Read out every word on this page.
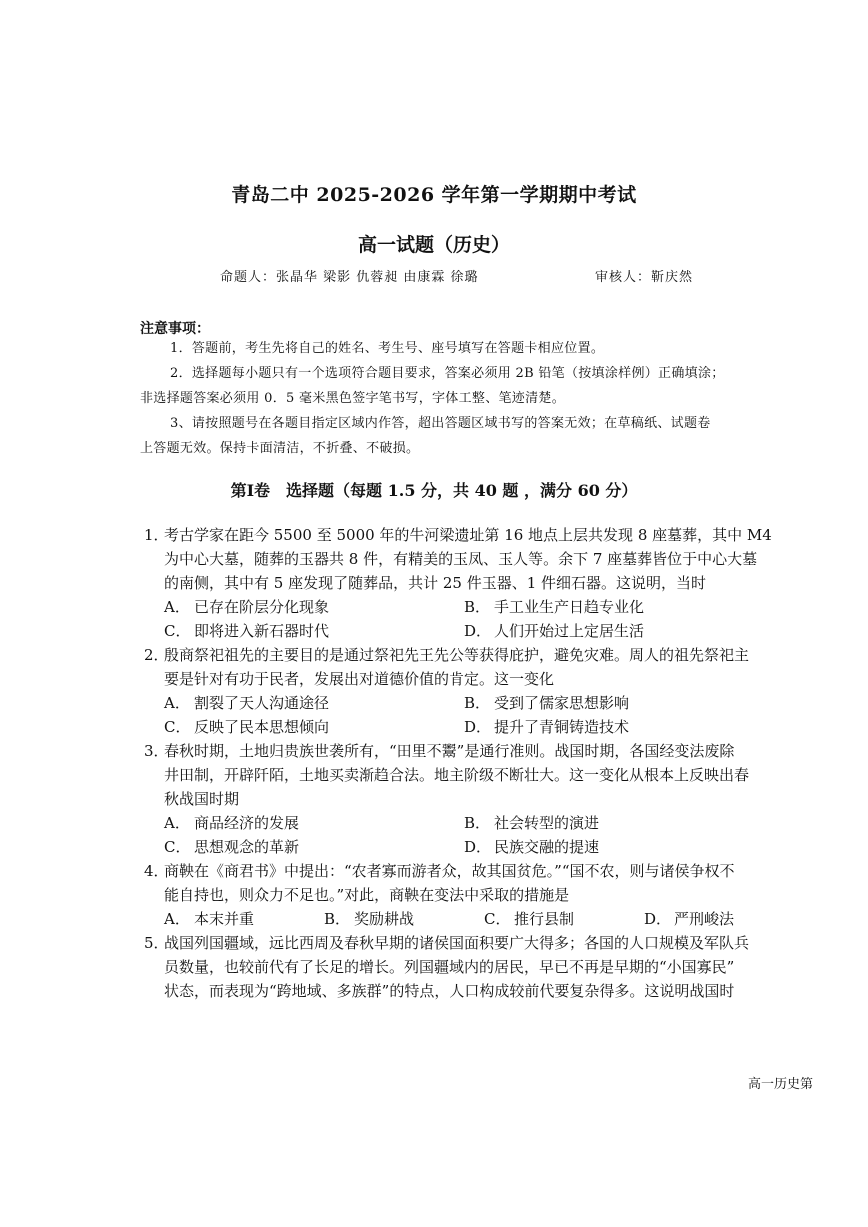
青岛二中 2025-2026 学年第一学期期中考试
高一试题（历史）
命题人：张晶华 梁影 仇蓉昶 由康霖 徐璐	审核人：靳庆然
注意事项：
1．答题前，考生先将自己的姓名、考生号、座号填写在答题卡相应位置。
2．选择题每小题只有一个选项符合题目要求，答案必须用 2B 铅笔（按填涂样例）正确填涂；
非选择题答案必须用 0．5 毫米黑色签字笔书写，字体工整、笔迹清楚。
3、请按照题号在各题目指定区域内作答，超出答题区域书写的答案无效；在草稿纸、试题卷
上答题无效。保持卡面清洁，不折叠、不破损。
第Ⅰ卷　选择题（每题 1.5 分，共 40 题 ，满分 60 分）
1．考古学家在距今 5500 至 5000 年的牛河梁遗址第 16 地点上层共发现 8 座墓葬，其中 M4
为中心大墓，随葬的玉器共 8 件，有精美的玉凤、玉人等。余下 7 座墓葬皆位于中心大墓
的南侧，其中有 5 座发现了随葬品，共计 25 件玉器、1 件细石器。这说明，当时
A． 已存在阶层分化现象	B． 手工业生产日趋专业化
C． 即将进入新石器时代	D． 人们开始过上定居生活
2．殷商祭祀祖先的主要目的是通过祭祀先王先公等获得庇护，避免灾难。周人的祖先祭祀主
要是针对有功于民者，发展出对道德价值的肯定。这一变化
A． 割裂了天人沟通途径	B． 受到了儒家思想影响
C． 反映了民本思想倾向	D． 提升了青铜铸造技术
3．春秋时期，土地归贵族世袭所有，“田里不鬻”是通行准则。战国时期，各国经变法废除
井田制，开辟阡陌，土地买卖渐趋合法。地主阶级不断壮大。这一变化从根本上反映出春
秋战国时期
A． 商品经济的发展	B． 社会转型的演进
C． 思想观念的革新	D． 民族交融的提速
4．商鞅在《商君书》中提出：“农者寡而游者众，故其国贫危。”“国不农，则与诸侯争权不
能自持也，则众力不足也。”对此，商鞅在变法中采取的措施是
A． 本末并重	B． 奖励耕战	C． 推行县制	D． 严刑峻法
5．战国列国疆域，远比西周及春秋早期的诸侯国面积要广大得多；各国的人口规模及军队兵
员数量，也较前代有了长足的增长。列国疆域内的居民，早已不再是早期的“小国寡民”
状态，而表现为“跨地域、多族群”的特点，人口构成较前代要复杂得多。这说明战国时
高一历史第
